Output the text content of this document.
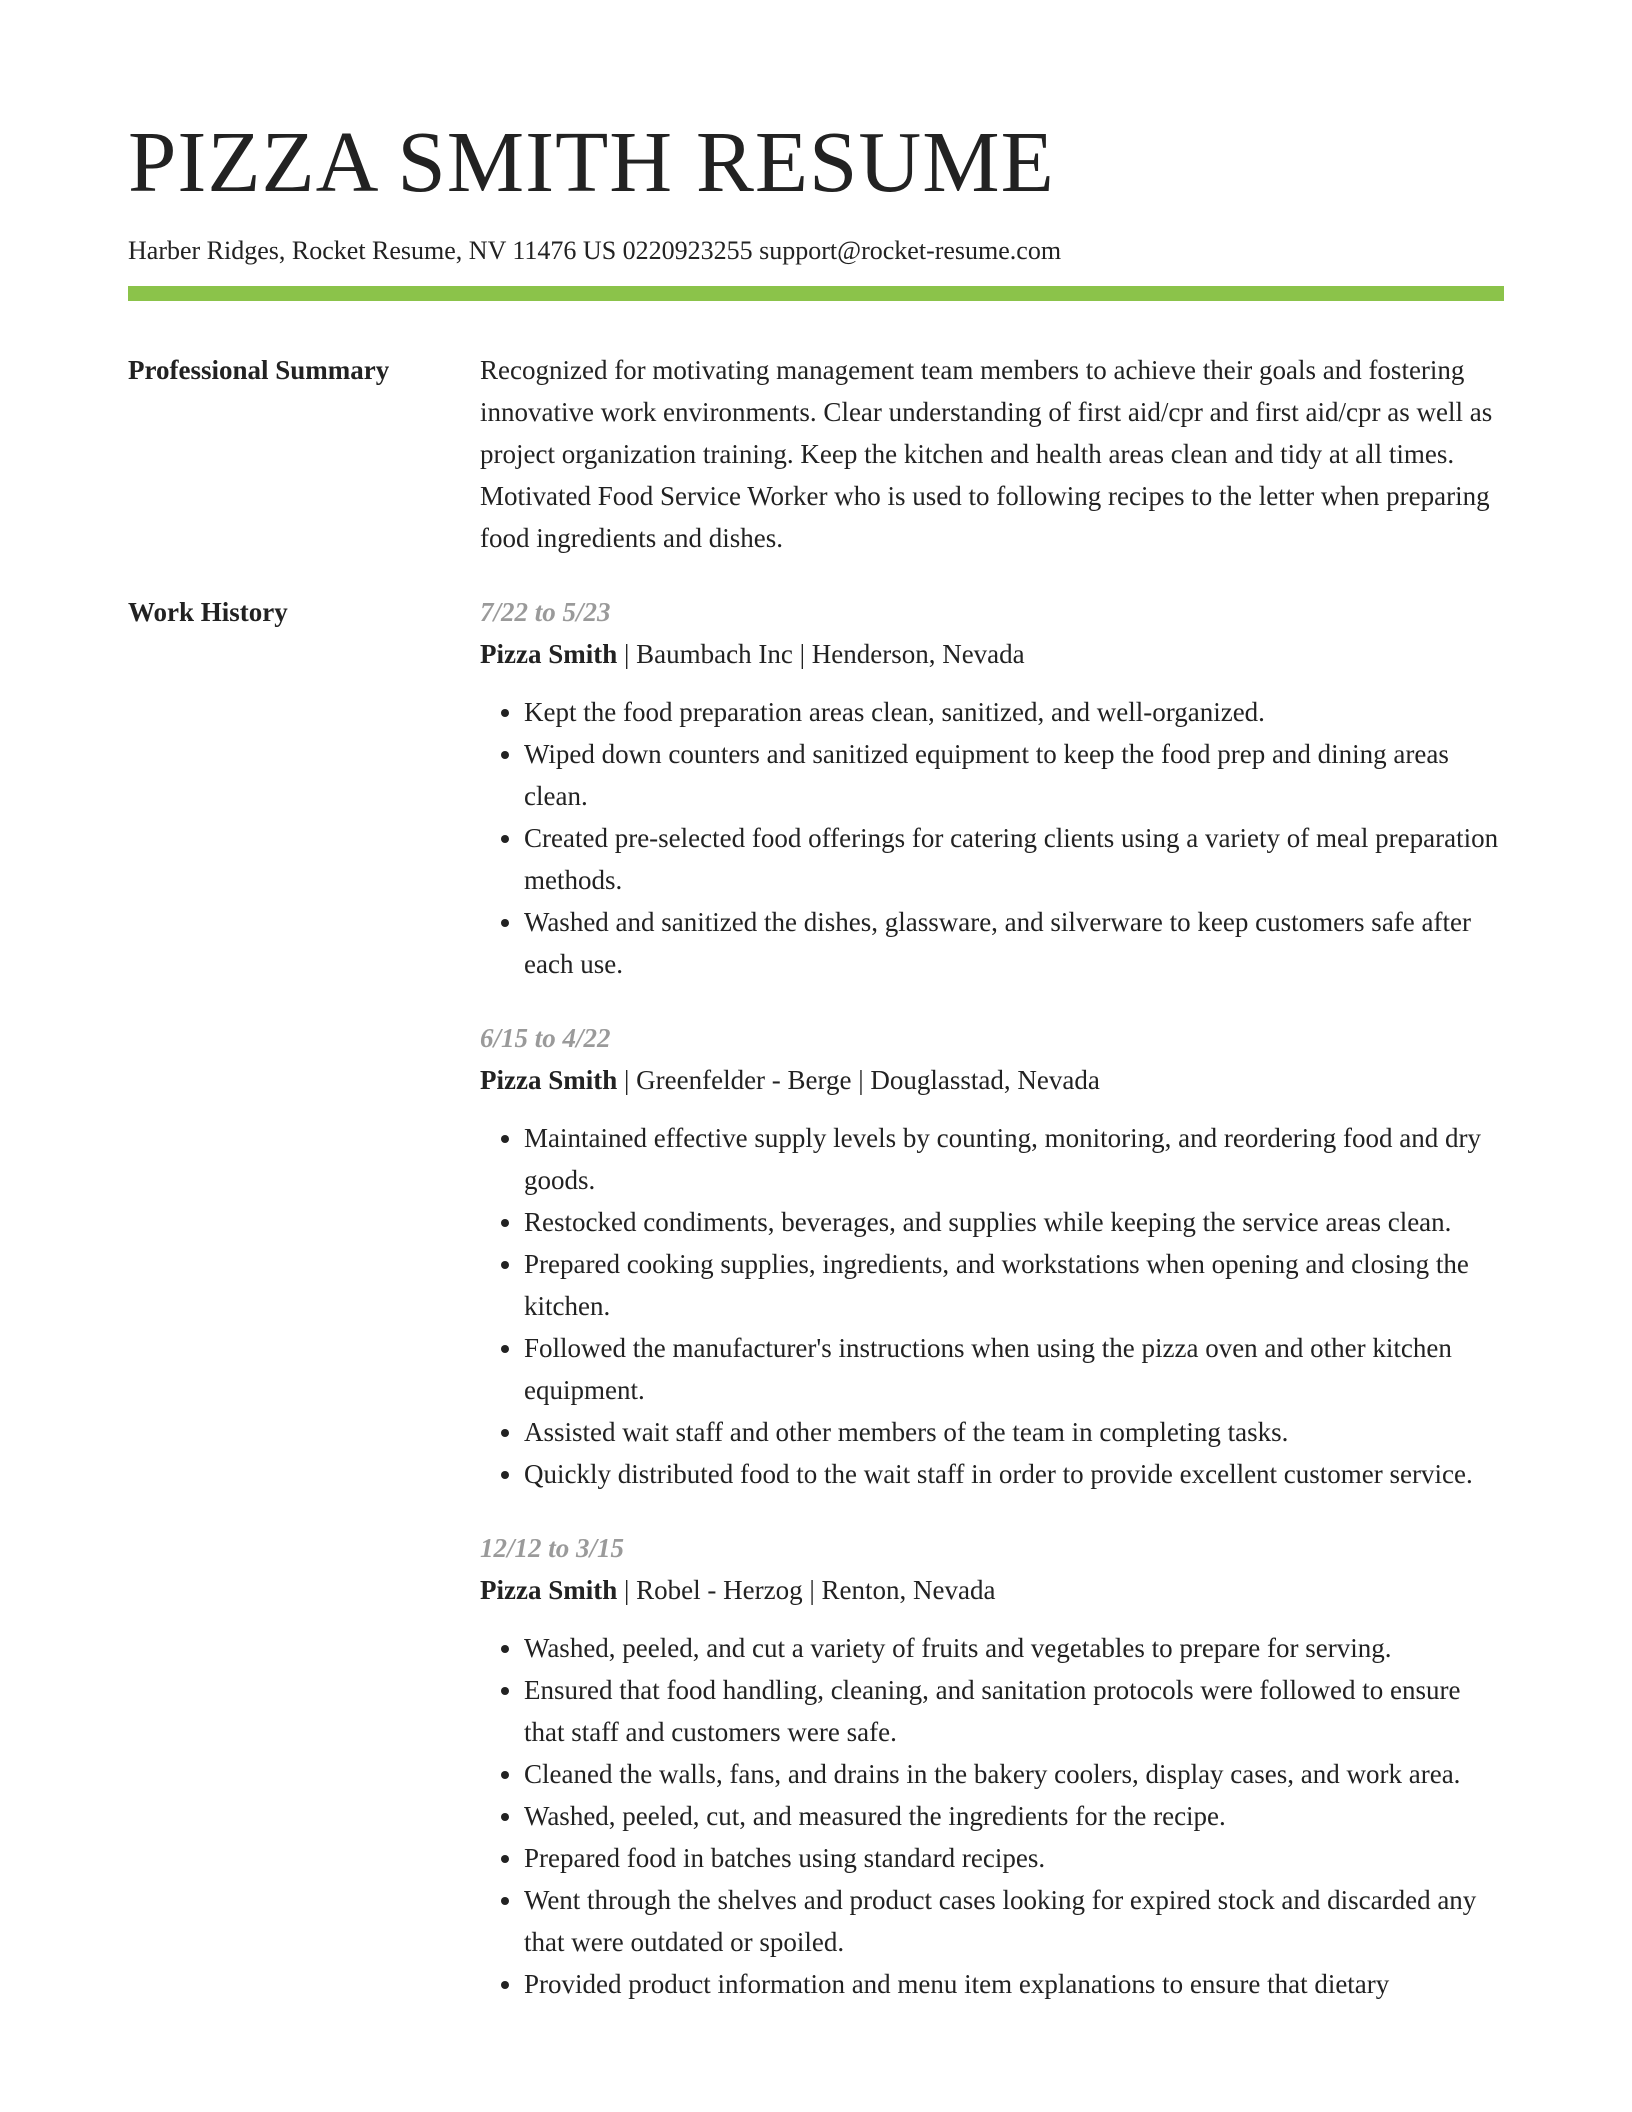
PIZZA SMITH RESUME
Harber Ridges, Rocket Resume, NV 11476 US 0220923255 support@rocket-resume.com
Professional Summary	Recognized for motivating management team members to achieve their goals and fostering innovative work environments. Clear understanding of first aid/cpr and first aid/cpr as well as project organization training. Keep the kitchen and health areas clean and tidy at all times. Motivated Food Service Worker who is used to following recipes to the letter when preparing food ingredients and dishes.

Work History	7/22 to 5/23
Pizza Smith | Baumbach Inc | Henderson, Nevada
• Kept the food preparation areas clean, sanitized, and well-organized.
• Wiped down counters and sanitized equipment to keep the food prep and dining areas clean.
• Created pre-selected food offerings for catering clients using a variety of meal preparation methods.
• Washed and sanitized the dishes, glassware, and silverware to keep customers safe after each use.
6/15 to 4/22
Pizza Smith | Greenfelder - Berge | Douglasstad, Nevada
• Maintained effective supply levels by counting, monitoring, and reordering food and dry goods.
• Restocked condiments, beverages, and supplies while keeping the service areas clean.
• Prepared cooking supplies, ingredients, and workstations when opening and closing the kitchen.
• Followed the manufacturer's instructions when using the pizza oven and other kitchen equipment.
• Assisted wait staff and other members of the team in completing tasks.
• Quickly distributed food to the wait staff in order to provide excellent customer service.
12/12 to 3/15
Pizza Smith | Robel - Herzog | Renton, Nevada
• Washed, peeled, and cut a variety of fruits and vegetables to prepare for serving.
• Ensured that food handling, cleaning, and sanitation protocols were followed to ensure that staff and customers were safe.
• Cleaned the walls, fans, and drains in the bakery coolers, display cases, and work area.
• Washed, peeled, cut, and measured the ingredients for the recipe.
• Prepared food in batches using standard recipes.
• Went through the shelves and product cases looking for expired stock and discarded any that were outdated or spoiled.
• Provided product information and menu item explanations to ensure that dietary
